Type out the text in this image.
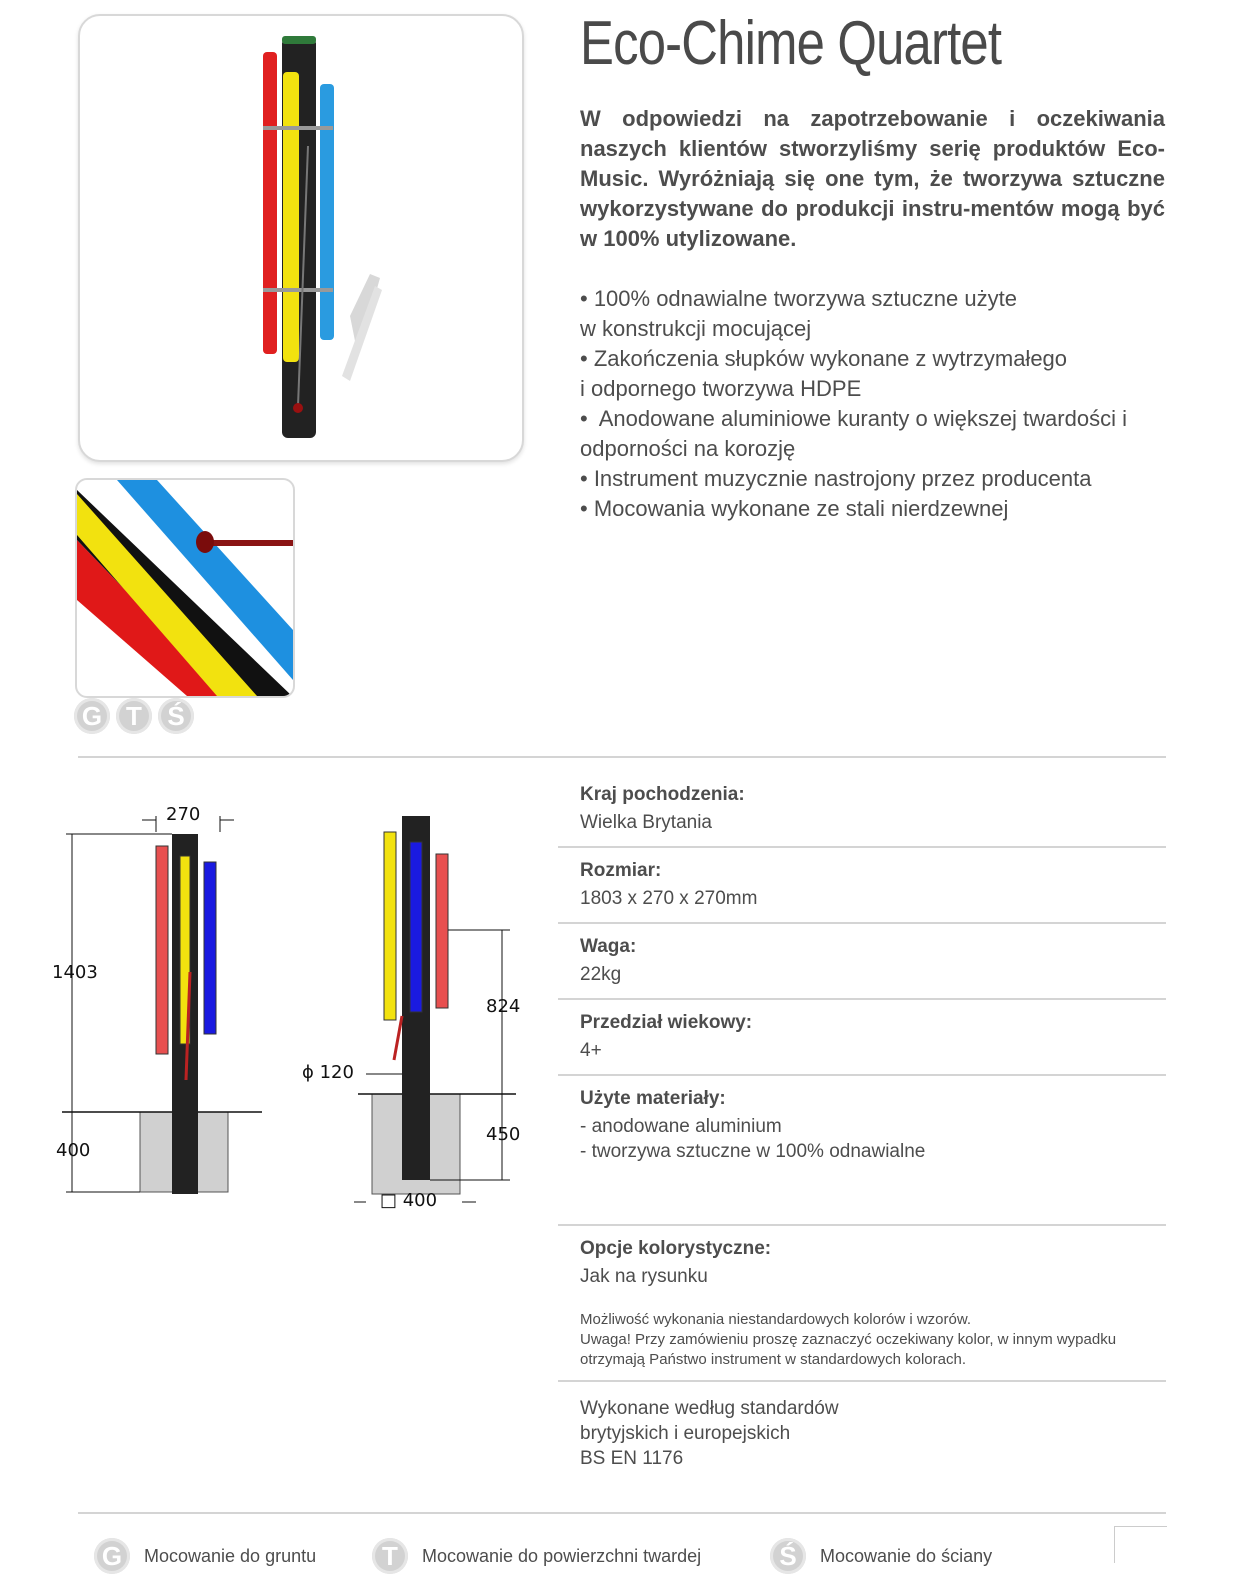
G T Ś
Eco-Chime Quartet
W odpowiedzi na zapotrzebowanie i oczekiwania naszych klientów stworzyliśmy serię produktów Eco-Music. Wyróżniają się one tym, że tworzywa sztuczne wykorzystywane do produkcji instru-mentów mogą być w 100% utylizowane.
• 100% odnawialne tworzywa sztuczne użyte
w konstrukcji mocującej
• Zakończenia słupków wykonane z wytrzymałego
i odpornego tworzywa HDPE
•  Anodowane aluminiowe kuranty o większej twardości i odporności na korozję
• Instrument muzycznie nastrojony przez producenta
• Mocowania wykonane ze stali nierdzewnej
270
1403
400
ϕ 120
824
450
□ 400
Kraj pochodzenia:
Wielka Brytania
Rozmiar:
1803 x 270 x 270mm
Waga:
22kg
Przedział wiekowy:
4+
Użyte materiały:
- anodowane aluminium
- tworzywa sztuczne w 100% odnawialne
Opcje kolorystyczne:
Jak na rysunku
Możliwość wykonania niestandardowych kolorów i wzorów.
Uwaga! Przy zamówieniu proszę zaznaczyć oczekiwany kolor, w innym wypadku
otrzymają Państwo instrument w standardowych kolorach.
Wykonane według standardów
brytyjskich i europejskich
BS EN 1176
G	Mocowanie do gruntu	T	Mocowanie do powierzchni twardej	Ś	Mocowanie do ściany
